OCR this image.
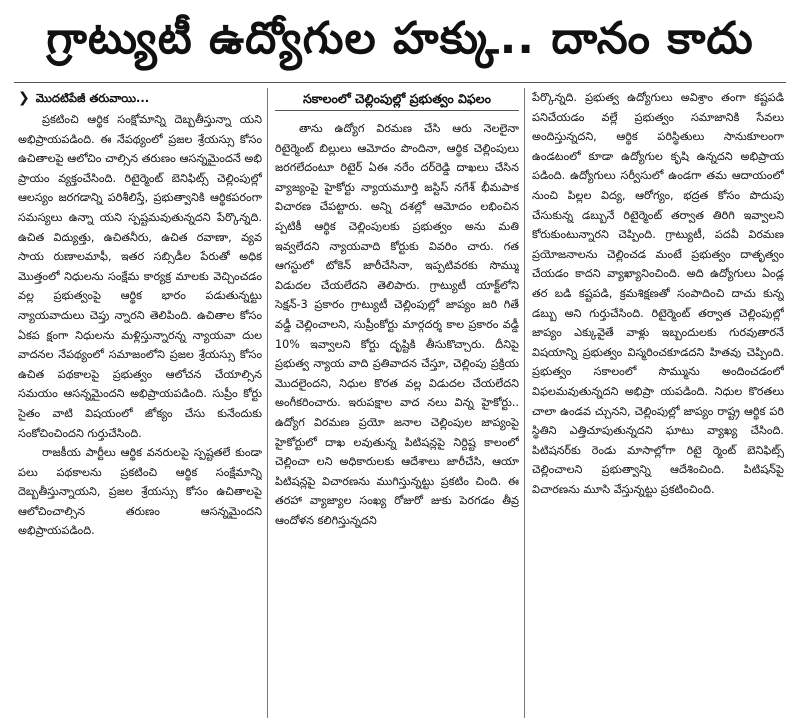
గ్రాట్యుటీ ఉద్యోగుల హక్కు.. దానం కాదు
❯ మొదటిపేజీ తరువాయి...

ప్రకటించి ఆర్థిక సంక్షోమాన్ని దెబ్బతీస్తున్నా యని అభిప్రాయపడింది. ఈ నేపథ్యంలో ప్రజల శ్రేయస్సు కోసం ఉచితాలపై ఆలోచిం చాల్సిన తరుణం ఆసన్నమైందనే అభి ప్రాయం వ్యక్తంచేసింది. రిటైర్మెంట్ బెనిఫిట్స్ చెల్లింపుల్లో ఆలస్యం జరగడాన్ని పరిశీలిస్తే, ప్రభుత్వానికి ఆర్థికపరంగా సమస్యలు ఉన్నా యని స్పష్టమవుతున్నదని పేర్కొన్నది. ఉచిత విద్యుత్తు, ఉచితనీరు, ఉచిత రవాణా, వ్యవ సాయ రుణాలమాఫీ, ఇతర సబ్సిడీల పేరుతో అధిక మొత్తంలో నిధులను సంక్షేమ కార్యక్ర మాలకు వెచ్చించడం వల్ల ప్రభుత్వంపై ఆర్థిక భారం పడుతున్నట్టు న్యాయవాదులు చెప్తు న్నారని తెలిపింది. ఉచితాల కోసం ఏకప క్షంగా నిధులను మళ్లిస్తున్నారన్న న్యాయవా దుల వాదనల నేపథ్యంలో సమాజంలోని ప్రజల శ్రేయస్సు కోసం ఉచిత పథకాలపై ప్రభుత్వం ఆలోచన చేయాల్సిన సమయం ఆసన్నమైందని అభిప్రాయపడింది. సుప్రీం కోర్టు సైతం వాటి విషయంలో జోక్యం చేసు కునేందుకు సంకోచించిందని గుర్తుచేసింది.

రాజకీయ పార్టీలు ఆర్థిక వనరులపై స్పష్టతలే కుండా పలు పథకాలను ప్రకటించి ఆర్థిక సంక్షేమాన్ని దెబ్బతీస్తున్నాయని, ప్రజల శ్రేయస్సు కోసం ఉచితాలపై ఆలోచించాల్సిన తరుణం ఆసన్నమైందని అభిప్రాయపడింది.

సకాలంలో చెల్లింపుల్లో ప్రభుత్వం విఫలం

తాను ఉద్యోగ విరమణ చేసి ఆరు నెలలైనా రిటైర్మెంట్ బిల్లులు ఆమోదం పొందినా, ఆర్థిక చెల్లింపులు జరగలేదంటూ రిటైర్ ఏఈ నరేం దర్‌రెడ్డి దాఖలు చేసిన వ్యాజ్యంపై హైకోర్టు న్యాయమూర్తి జస్టిస్ నగేశ్ భీమపాక విచారణ చేపట్టారు. అన్ని దశల్లో ఆమోదం లభించిన ప్పటికీ ఆర్థిక చెల్లింపులకు ప్రభుత్వం అను మతి ఇవ్వలేదని న్యాయవాది కోర్టుకు వివరిం చారు. గత ఆగస్టులో టోకెన్ జారీచేసినా, ఇప్పటివరకు సొమ్ము విడుదల చేయలేదని తెలిపారు. గ్రాట్యుటీ యాక్ట్‌లోని సెక్షన్-3 ప్రకారం గ్రాట్యుటీ చెల్లింపుల్లో జాప్యం జరి గితే వడ్డీ చెల్లించాలని, సుప్రీంకోర్టు మార్గదర్శ కాల ప్రకారం వడ్డీ 10% ఇవ్వాలని కోర్టు దృష్టికి తీసుకొచ్చారు. దీనిపై ప్రభుత్వ న్యాయ వాది ప్రతివాదన చేస్తూ, చెల్లింపు ప్రక్రియ మొదలైందని, నిధుల కొరత వల్ల విడుదల చేయలేదని అంగీకరించారు. ఇరుపక్షాల వాద నలు విన్న హైకోర్టు.. ఉద్యోగ విరమణ ప్రయో జనాల చెల్లింపుల జాప్యంపై హైకోర్టులో దాఖ లవుతున్న పిటిషన్లపై నిర్దిష్ట కాలంలో చెల్లించా లని అధికారులకు ఆదేశాలు జారీచేసి, ఆయా పిటిషన్లపై విచారణను ముగిస్తున్నట్టు ప్రకటిం చింది. ఈ తరహా వ్యాజ్యాల సంఖ్య రోజురో జుకు పెరగడం తీవ్ర ఆందోళన కలిగిస్తున్నదని

పేర్కొన్నది. ప్రభుత్వ ఉద్యోగులు అవిశ్రాం తంగా కష్టపడి పనిచేయడం వల్లే ప్రభుత్వం సమాజానికి సేవలు అందిస్తున్నదని, ఆర్థిక పరిస్థితులు సానుకూలంగా ఉండటంలో కూడా ఉద్యోగుల కృషి ఉన్నదని అభిప్రాయ పడింది. ఉద్యోగులు సర్వీసులో ఉండగా తమ ఆదాయంలో నుంచి పిల్లల విద్య, ఆరోగ్యం, భద్రత కోసం పొదుపు చేసుకున్న డబ్బునే రిటైర్మెంట్ తర్వాత తిరిగి ఇవ్వాలని కోరుకుంటున్నారని చెప్పింది. గ్రాట్యుటీ, పదవీ విరమణ ప్రయోజనాలను చెల్లించడ మంటే ప్రభుత్వం దాతృత్వం చేయడం కాదని వ్యాఖ్యానించింది. అది ఉద్యోగులు ఏండ్ల తర బడి కష్టపడి, క్రమశిక్షణతో సంపాదించి దాచు కున్న డబ్బు అని గుర్తుచేసింది. రిటైర్మెంట్ తర్వాత చెల్లింపుల్లో జాప్యం ఎక్కువైతే వాళ్లు ఇబ్బందులకు గురవుతారనే విషయాన్ని ప్రభుత్వం విస్మరించకూడదని హితవు చెప్పింది. ప్రభుత్వం సకాలంలో సొమ్మును అందించడంలో విఫలమవుతున్నదని అభిప్రా యపడింది. నిధుల కొరతలు చాలా ఉండవ చ్చునని, చెల్లింపుల్లో జాప్యం రాష్ట్ర ఆర్థిక పరి స్థితిని ఎత్తిచూపుతున్నదని ఘాటు వ్యాఖ్య చేసింది. పిటిషనర్‌కు రెండు మాసాల్లోగా రిటై ర్మెంట్ బెనిఫిట్స్ చెల్లించాలని ప్రభుత్వాన్ని ఆదేశించింది. పిటిషన్‌పై విచారణను మూసి వేస్తున్నట్టు ప్రకటించింది.
